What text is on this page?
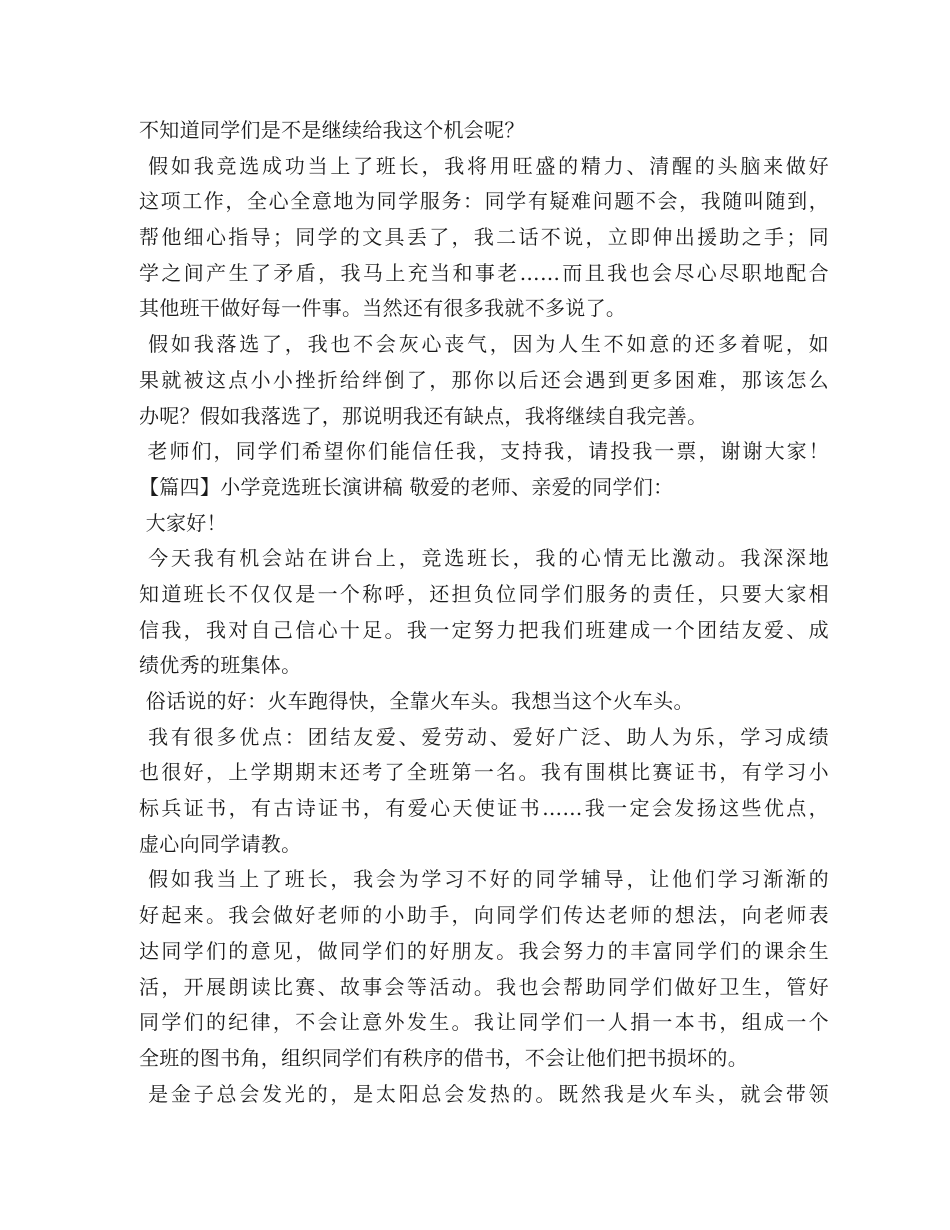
不知道同学们是不是继续给我这个机会呢？
假如我竞选成功当上了班长，我将用旺盛的精力、清醒的头脑来做好
这项工作，全心全意地为同学服务：同学有疑难问题不会，我随叫随到，
帮他细心指导；同学的文具丢了，我二话不说，立即伸出援助之手；同
学之间产生了矛盾，我马上充当和事老……而且我也会尽心尽职地配合
其他班干做好每一件事。当然还有很多我就不多说了。
假如我落选了，我也不会灰心丧气，因为人生不如意的还多着呢，如
果就被这点小小挫折给绊倒了，那你以后还会遇到更多困难，那该怎么
办呢？假如我落选了，那说明我还有缺点，我将继续自我完善。
老师们，同学们希望你们能信任我，支持我，请投我一票，谢谢大家！
【篇四】小学竞选班长演讲稿 敬爱的老师、亲爱的同学们：
大家好！
今天我有机会站在讲台上，竞选班长，我的心情无比激动。我深深地
知道班长不仅仅是一个称呼，还担负位同学们服务的责任，只要大家相
信我，我对自己信心十足。我一定努力把我们班建成一个团结友爱、成
绩优秀的班集体。
俗话说的好：火车跑得快，全靠火车头。我想当这个火车头。
我有很多优点：团结友爱、爱劳动、爱好广泛、助人为乐，学习成绩
也很好，上学期期末还考了全班第一名。我有围棋比赛证书，有学习小
标兵证书，有古诗证书，有爱心天使证书……我一定会发扬这些优点，
虚心向同学请教。
假如我当上了班长，我会为学习不好的同学辅导，让他们学习渐渐的
好起来。我会做好老师的小助手，向同学们传达老师的想法，向老师表
达同学们的意见，做同学们的好朋友。我会努力的丰富同学们的课余生
活，开展朗读比赛、故事会等活动。我也会帮助同学们做好卫生，管好
同学们的纪律，不会让意外发生。我让同学们一人捐一本书，组成一个
全班的图书角，组织同学们有秩序的借书，不会让他们把书损坏的。
是金子总会发光的，是太阳总会发热的。既然我是火车头，就会带领
